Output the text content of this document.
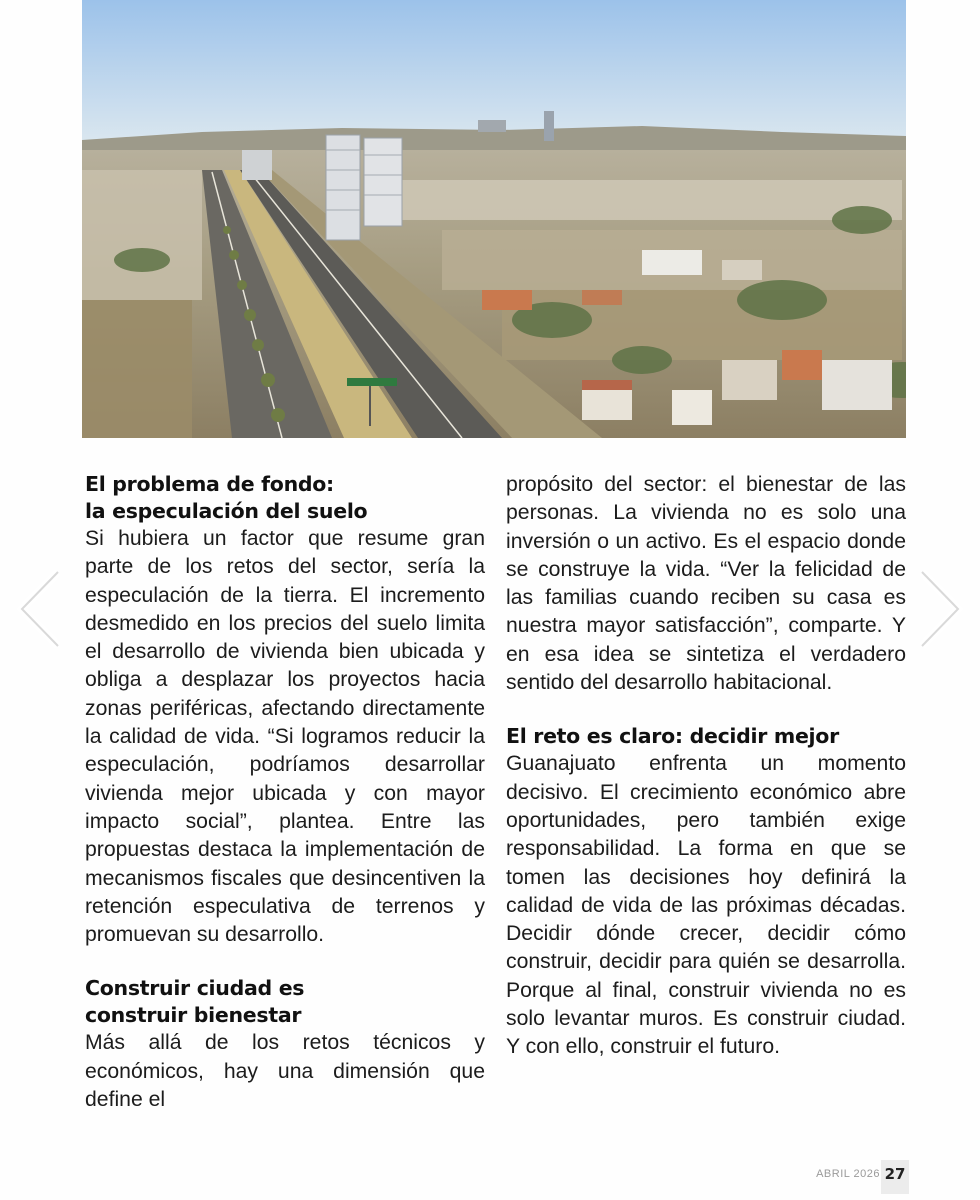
El problema de fondo:
la especulación del suelo

Si hubiera un factor que resume gran parte de los retos del sector, sería la especulación de la tierra. El incremento desmedido en los precios del suelo limita el desarrollo de vivienda bien ubicada y obliga a desplazar los proyectos hacia zonas periféricas, afectando directamente la calidad de vida. “Si logramos reducir la especulación, podríamos desarrollar vivienda mejor ubicada y con mayor impacto social”, plantea. Entre las propuestas destaca la implementación de mecanismos fiscales que desincentiven la retención especulativa de terrenos y promuevan su desarrollo.

Construir ciudad es
construir bienestar

Más allá de los retos técnicos y económicos, hay una dimensión que define el

propósito del sector: el bienestar de las personas. La vivienda no es solo una inversión o un activo. Es el espacio donde se construye la vida. “Ver la felicidad de las familias cuando reciben su casa es nuestra mayor satisfacción”, comparte. Y en esa idea se sintetiza el verdadero sentido del desarrollo habitacional.

El reto es claro: decidir mejor

Guanajuato enfrenta un momento decisivo. El crecimiento económico abre oportunidades, pero también exige responsabilidad. La forma en que se tomen las decisiones hoy definirá la calidad de vida de las próximas décadas. Decidir dónde crecer, decidir cómo construir, decidir para quién se desarrolla. Porque al final, construir vivienda no es solo levantar muros. Es construir ciudad. Y con ello, construir el futuro.

ABRIL 2026 27
